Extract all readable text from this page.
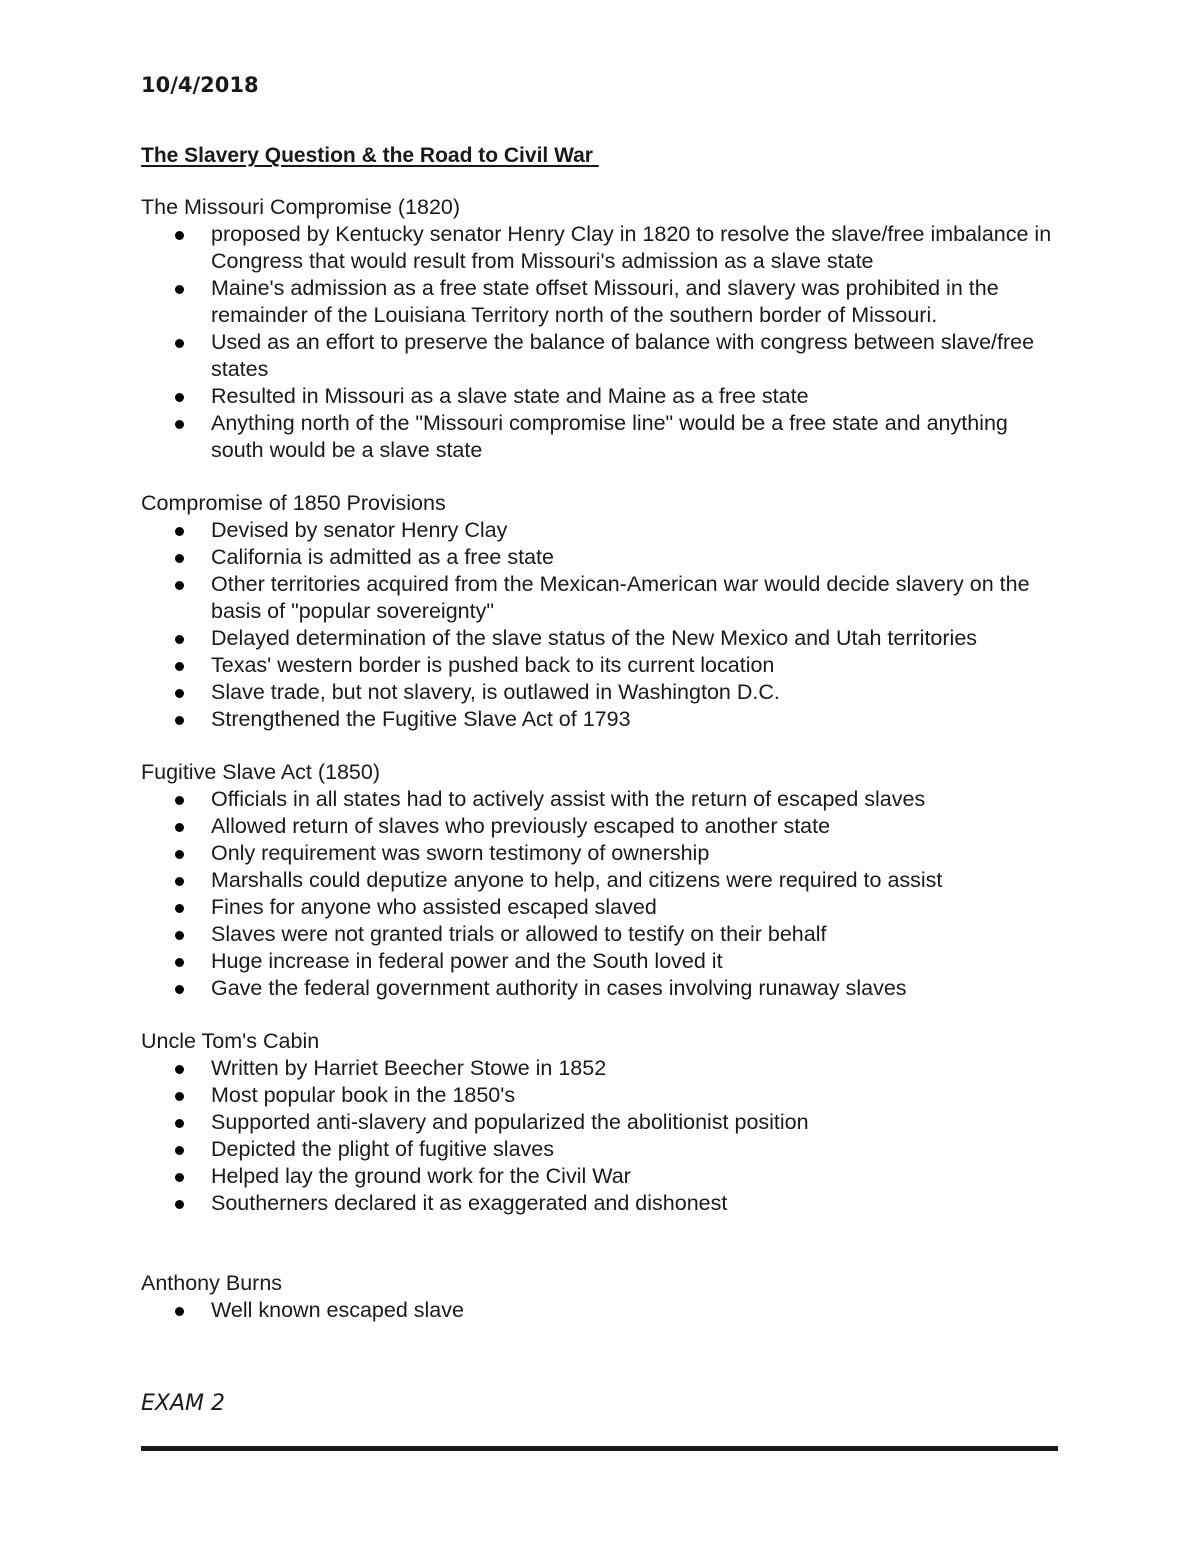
10/4/2018

The Slavery Question & the Road to Civil War

The Missouri Compromise (1820)

proposed by Kentucky senator Henry Clay in 1820 to resolve the slave/free imbalance in Congress that would result from Missouri's admission as a slave state
Maine's admission as a free state offset Missouri, and slavery was prohibited in the remainder of the Louisiana Territory north of the southern border of Missouri.
Used as an effort to preserve the balance of balance with congress between slave/free states
Resulted in Missouri as a slave state and Maine as a free state
Anything north of the "Missouri compromise line" would be a free state and anything south would be a slave state

Compromise of 1850 Provisions

Devised by senator Henry Clay
California is admitted as a free state
Other territories acquired from the Mexican-American war would decide slavery on the basis of "popular sovereignty"
Delayed determination of the slave status of the New Mexico and Utah territories
Texas' western border is pushed back to its current location
Slave trade, but not slavery, is outlawed in Washington D.C.
Strengthened the Fugitive Slave Act of 1793

Fugitive Slave Act (1850)

Officials in all states had to actively assist with the return of escaped slaves
Allowed return of slaves who previously escaped to another state
Only requirement was sworn testimony of ownership
Marshalls could deputize anyone to help, and citizens were required to assist
Fines for anyone who assisted escaped slaved
Slaves were not granted trials or allowed to testify on their behalf
Huge increase in federal power and the South loved it
Gave the federal government authority in cases involving runaway slaves

Uncle Tom's Cabin

Written by Harriet Beecher Stowe in 1852
Most popular book in the 1850's
Supported anti-slavery and popularized the abolitionist position
Depicted the plight of fugitive slaves
Helped lay the ground work for the Civil War
Southerners declared it as exaggerated and dishonest

Anthony Burns

Well known escaped slave

EXAM 2
